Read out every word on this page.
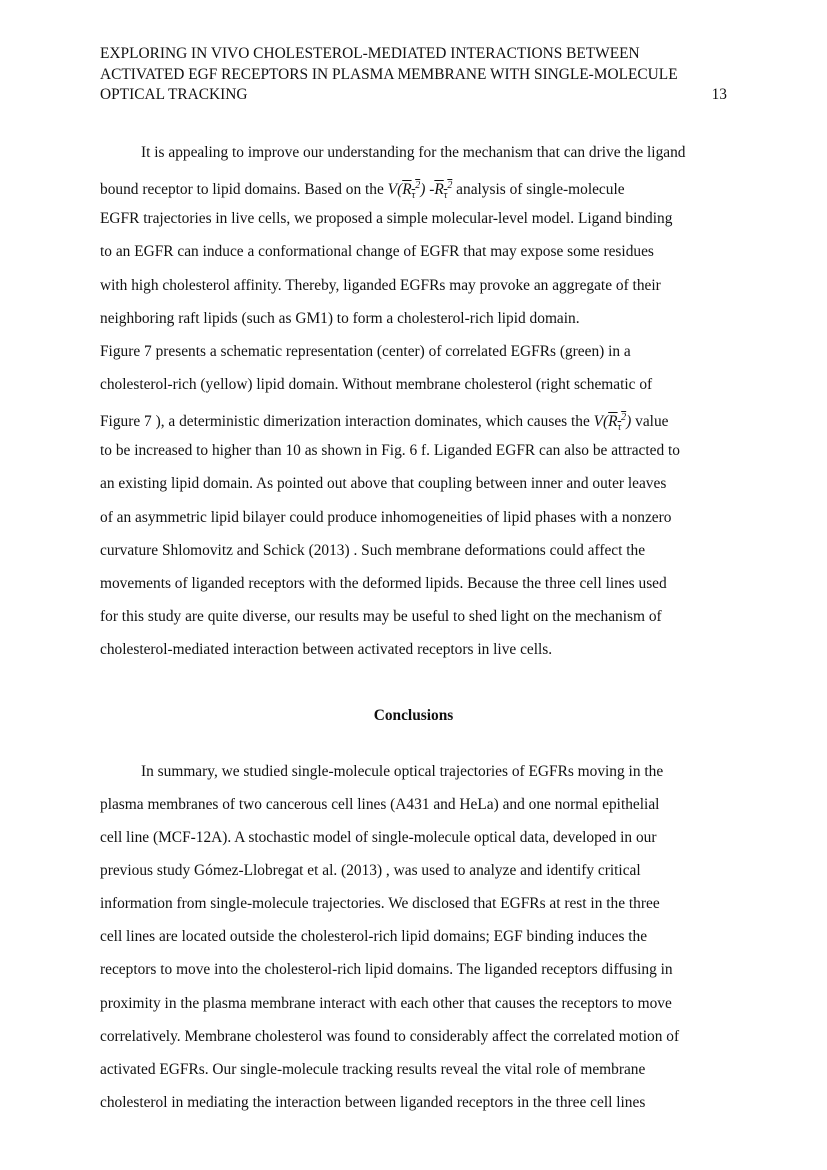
EXPLORING IN VIVO CHOLESTEROL-MEDIATED INTERACTIONS BETWEEN
ACTIVATED EGF RECEPTORS IN PLASMA MEMBRANE WITH SINGLE-MOLECULE
OPTICAL TRACKING	13
It is appealing to improve our understanding for the mechanism that can drive the ligand
bound receptor to lipid domains. Based on the $V(R_\tau^2)$ $-R_\tau^2$ analysis of single-molecule
EGFR trajectories in live cells, we proposed a simple molecular-level model. Ligand binding
to an EGFR can induce a conformational change of EGFR that may expose some residues
with high cholesterol affinity. Thereby, liganded EGFRs may provoke an aggregate of their
neighboring raft lipids (such as GM1) to form a cholesterol-rich lipid domain.
Figure 7 presents a schematic representation (center) of correlated EGFRs (green) in a
cholesterol-rich (yellow) lipid domain. Without membrane cholesterol (right schematic of
Figure 7 ), a deterministic dimerization interaction dominates, which causes the $V(R_\tau^2)$ value
to be increased to higher than 10 as shown in Fig. 6 f. Liganded EGFR can also be attracted to
an existing lipid domain. As pointed out above that coupling between inner and outer leaves
of an asymmetric lipid bilayer could produce inhomogeneities of lipid phases with a nonzero
curvature Shlomovitz and Schick (2013) . Such membrane deformations could affect the
movements of liganded receptors with the deformed lipids. Because the three cell lines used
for this study are quite diverse, our results may be useful to shed light on the mechanism of
cholesterol-mediated interaction between activated receptors in live cells.
Conclusions
In summary, we studied single-molecule optical trajectories of EGFRs moving in the
plasma membranes of two cancerous cell lines (A431 and HeLa) and one normal epithelial
cell line (MCF-12A). A stochastic model of single-molecule optical data, developed in our
previous study Gómez-Llobregat et al. (2013) , was used to analyze and identify critical
information from single-molecule trajectories. We disclosed that EGFRs at rest in the three
cell lines are located outside the cholesterol-rich lipid domains; EGF binding induces the
receptors to move into the cholesterol-rich lipid domains. The liganded receptors diffusing in
proximity in the plasma membrane interact with each other that causes the receptors to move
correlatively. Membrane cholesterol was found to considerably affect the correlated motion of
activated EGFRs. Our single-molecule tracking results reveal the vital role of membrane
cholesterol in mediating the interaction between liganded receptors in the three cell lines
